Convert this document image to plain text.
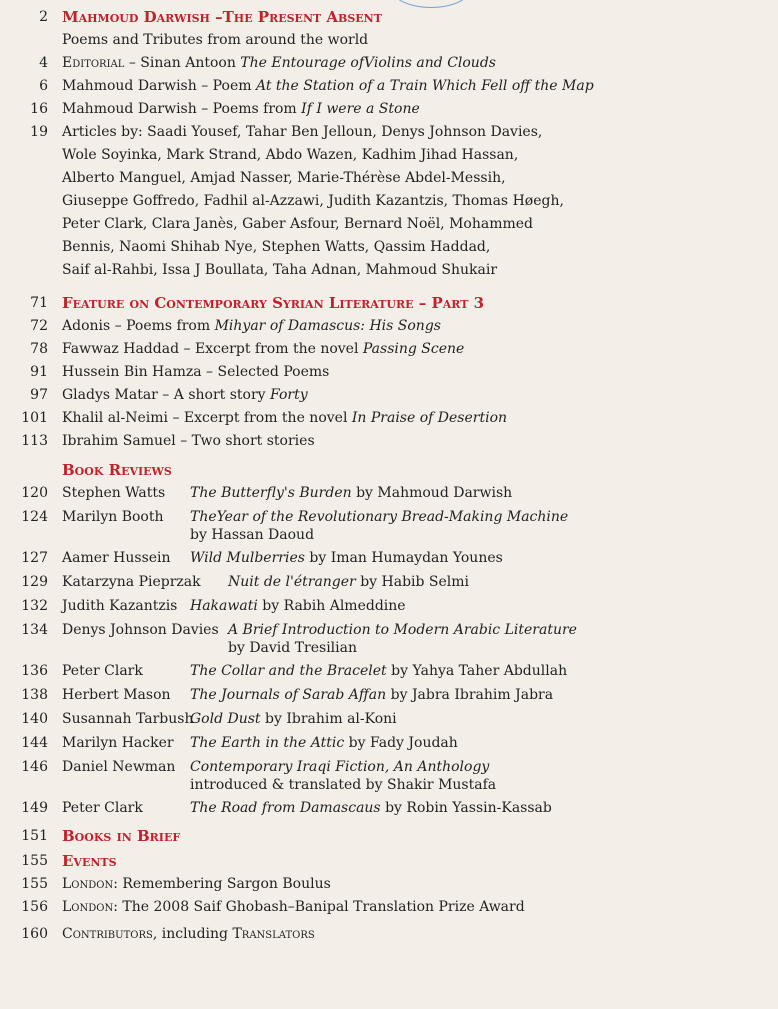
2 Mahmoud Darwish –The Present Absent
Poems and Tributes from around the world
4 Editorial – Sinan Antoon The Entourage ofViolins and Clouds
6 Mahmoud Darwish – Poem At the Station of a Train Which Fell off the Map
16 Mahmoud Darwish – Poems from If I were a Stone
19 Articles by: Saadi Yousef, Tahar Ben Jelloun, Denys Johnson Davies,
Wole Soyinka, Mark Strand, Abdo Wazen, Kadhim Jihad Hassan,
Alberto Manguel, Amjad Nasser, Marie-Thérèse Abdel-Messih,
Giuseppe Goffredo, Fadhil al-Azzawi, Judith Kazantzis, Thomas Høegh,
Peter Clark, Clara Janès, Gaber Asfour, Bernard Noël, Mohammed
Bennis, Naomi Shihab Nye, Stephen Watts, Qassim Haddad,
Saif al-Rahbi, Issa J Boullata, Taha Adnan, Mahmoud Shukair
71 Feature on Contemporary Syrian Literature – Part 3
72 Adonis – Poems from Mihyar of Damascus: His Songs
78 Fawwaz Haddad – Excerpt from the novel Passing Scene
91 Hussein Bin Hamza – Selected Poems
97 Gladys Matar – A short story Forty
101 Khalil al-Neimi – Excerpt from the novel In Praise of Desertion
113 Ibrahim Samuel – Two short stories
Book Reviews
120 Stephen Watts The Butterfly's Burden by Mahmoud Darwish
124 Marilyn Booth TheYear of the Revolutionary Bread-Making Machine
by Hassan Daoud
127 Aamer Hussein Wild Mulberries by Iman Humaydan Younes
129 Katarzyna Pieprzak Nuit de l'étranger by Habib Selmi
132 Judith Kazantzis Hakawati by Rabih Almeddine
134 Denys Johnson Davies A Brief Introduction to Modern Arabic Literature
by David Tresilian
136 Peter Clark	The Collar and the Bracelet by Yahya Taher Abdullah
138 Herbert Mason The Journals of Sarab Affan by Jabra Ibrahim Jabra
140 Susannah Tarbush
Gold Dust by Ibrahim al-Koni
144 Marilyn Hacker The Earth in the Attic by Fady Joudah
146 Daniel Newman Contemporary Iraqi Fiction, An Anthology
introduced & translated by Shakir Mustafa
149 Peter Clark	The Road from Damascaus by Robin Yassin-Kassab
151 Books in Brief
155 Events
155 London: Remembering Sargon Boulus
156 London: The 2008 Saif Ghobash–Banipal Translation Prize Award
160 Contributors, including Translators
